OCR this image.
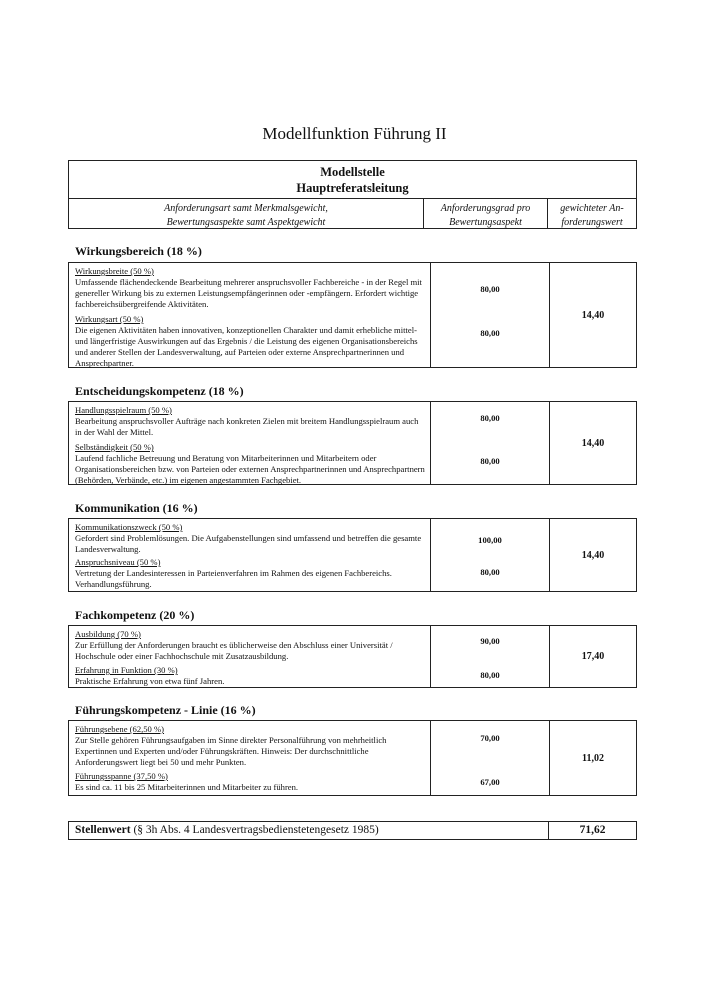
Modellfunktion Führung II
Modellstelle
Hauptreferatsleitung
Anforderungsart samt Merkmalsgewicht,
Bewertungsaspekte samt Aspektgewicht
Anforderungsgrad pro
Bewertungsaspekt
gewichteter An-
forderungswert
Wirkungsbereich (18 %)
Wirkungsbreite (50 %)
Umfassende flächendeckende Bearbeitung mehrerer anspruchsvoller Fachbereiche - in der Regel mit genereller Wirkung bis zu externen Leistungsempfängerinnen oder -empfängern. Erfordert wichtige fachbereichsübergreifende Aktivitäten.
Wirkungsart (50 %)
Die eigenen Aktivitäten haben innovativen, konzeptionellen Charakter und damit erhebliche mittel- und längerfristige Auswirkungen auf das Ergebnis / die Leistung des eigenen Organisationsbereichs und anderer Stellen der Landesverwaltung, auf Parteien oder externe Ansprechpartnerinnen und Ansprechpartner.
80,00
80,00
14,40
Entscheidungskompetenz (18 %)
Handlungsspielraum (50 %)
Bearbeitung anspruchsvoller Aufträge nach konkreten Zielen mit breitem Handlungsspielraum auch in der Wahl der Mittel.
Selbständigkeit (50 %)
Laufend fachliche Betreuung und Beratung von Mitarbeiterinnen und Mitarbeitern oder Organisationsbereichen bzw. von Parteien oder externen Ansprechpartnerinnen und Ansprechpartnern (Behörden, Verbände, etc.) im eigenen angestammten Fachgebiet.
80,00
80,00
14,40
Kommunikation (16 %)
Kommunikationszweck (50 %)
Gefordert sind Problemlösungen. Die Aufgabenstellungen sind umfassend und betreffen die gesamte Landesverwaltung.
Anspruchsniveau (50 %)
Vertretung der Landesinteressen in Parteienverfahren im Rahmen des eigenen Fachbereichs. Verhandlungsführung.
100,00
80,00
14,40
Fachkompetenz (20 %)
Ausbildung (70 %)
Zur Erfüllung der Anforderungen braucht es üblicherweise den Abschluss einer Universität / Hochschule oder einer Fachhochschule mit Zusatzausbildung.
Erfahrung in Funktion (30 %)
Praktische Erfahrung von etwa fünf Jahren.
90,00
80,00
17,40
Führungskompetenz - Linie (16 %)
Führungsebene (62,50 %)
Zur Stelle gehören Führungsaufgaben im Sinne direkter Personalführung von mehrheitlich Expertinnen und Experten und/oder Führungskräften. Hinweis: Der durchschnittliche Anforderungswert liegt bei 50 und mehr Punkten.
Führungsspanne (37,50 %)
Es sind ca. 11 bis 25 Mitarbeiterinnen und Mitarbeiter zu führen.
70,00
67,00
11,02
Stellenwert (§ 3h Abs. 4 Landesvertragsbedienstetengesetz 1985)	71,62
